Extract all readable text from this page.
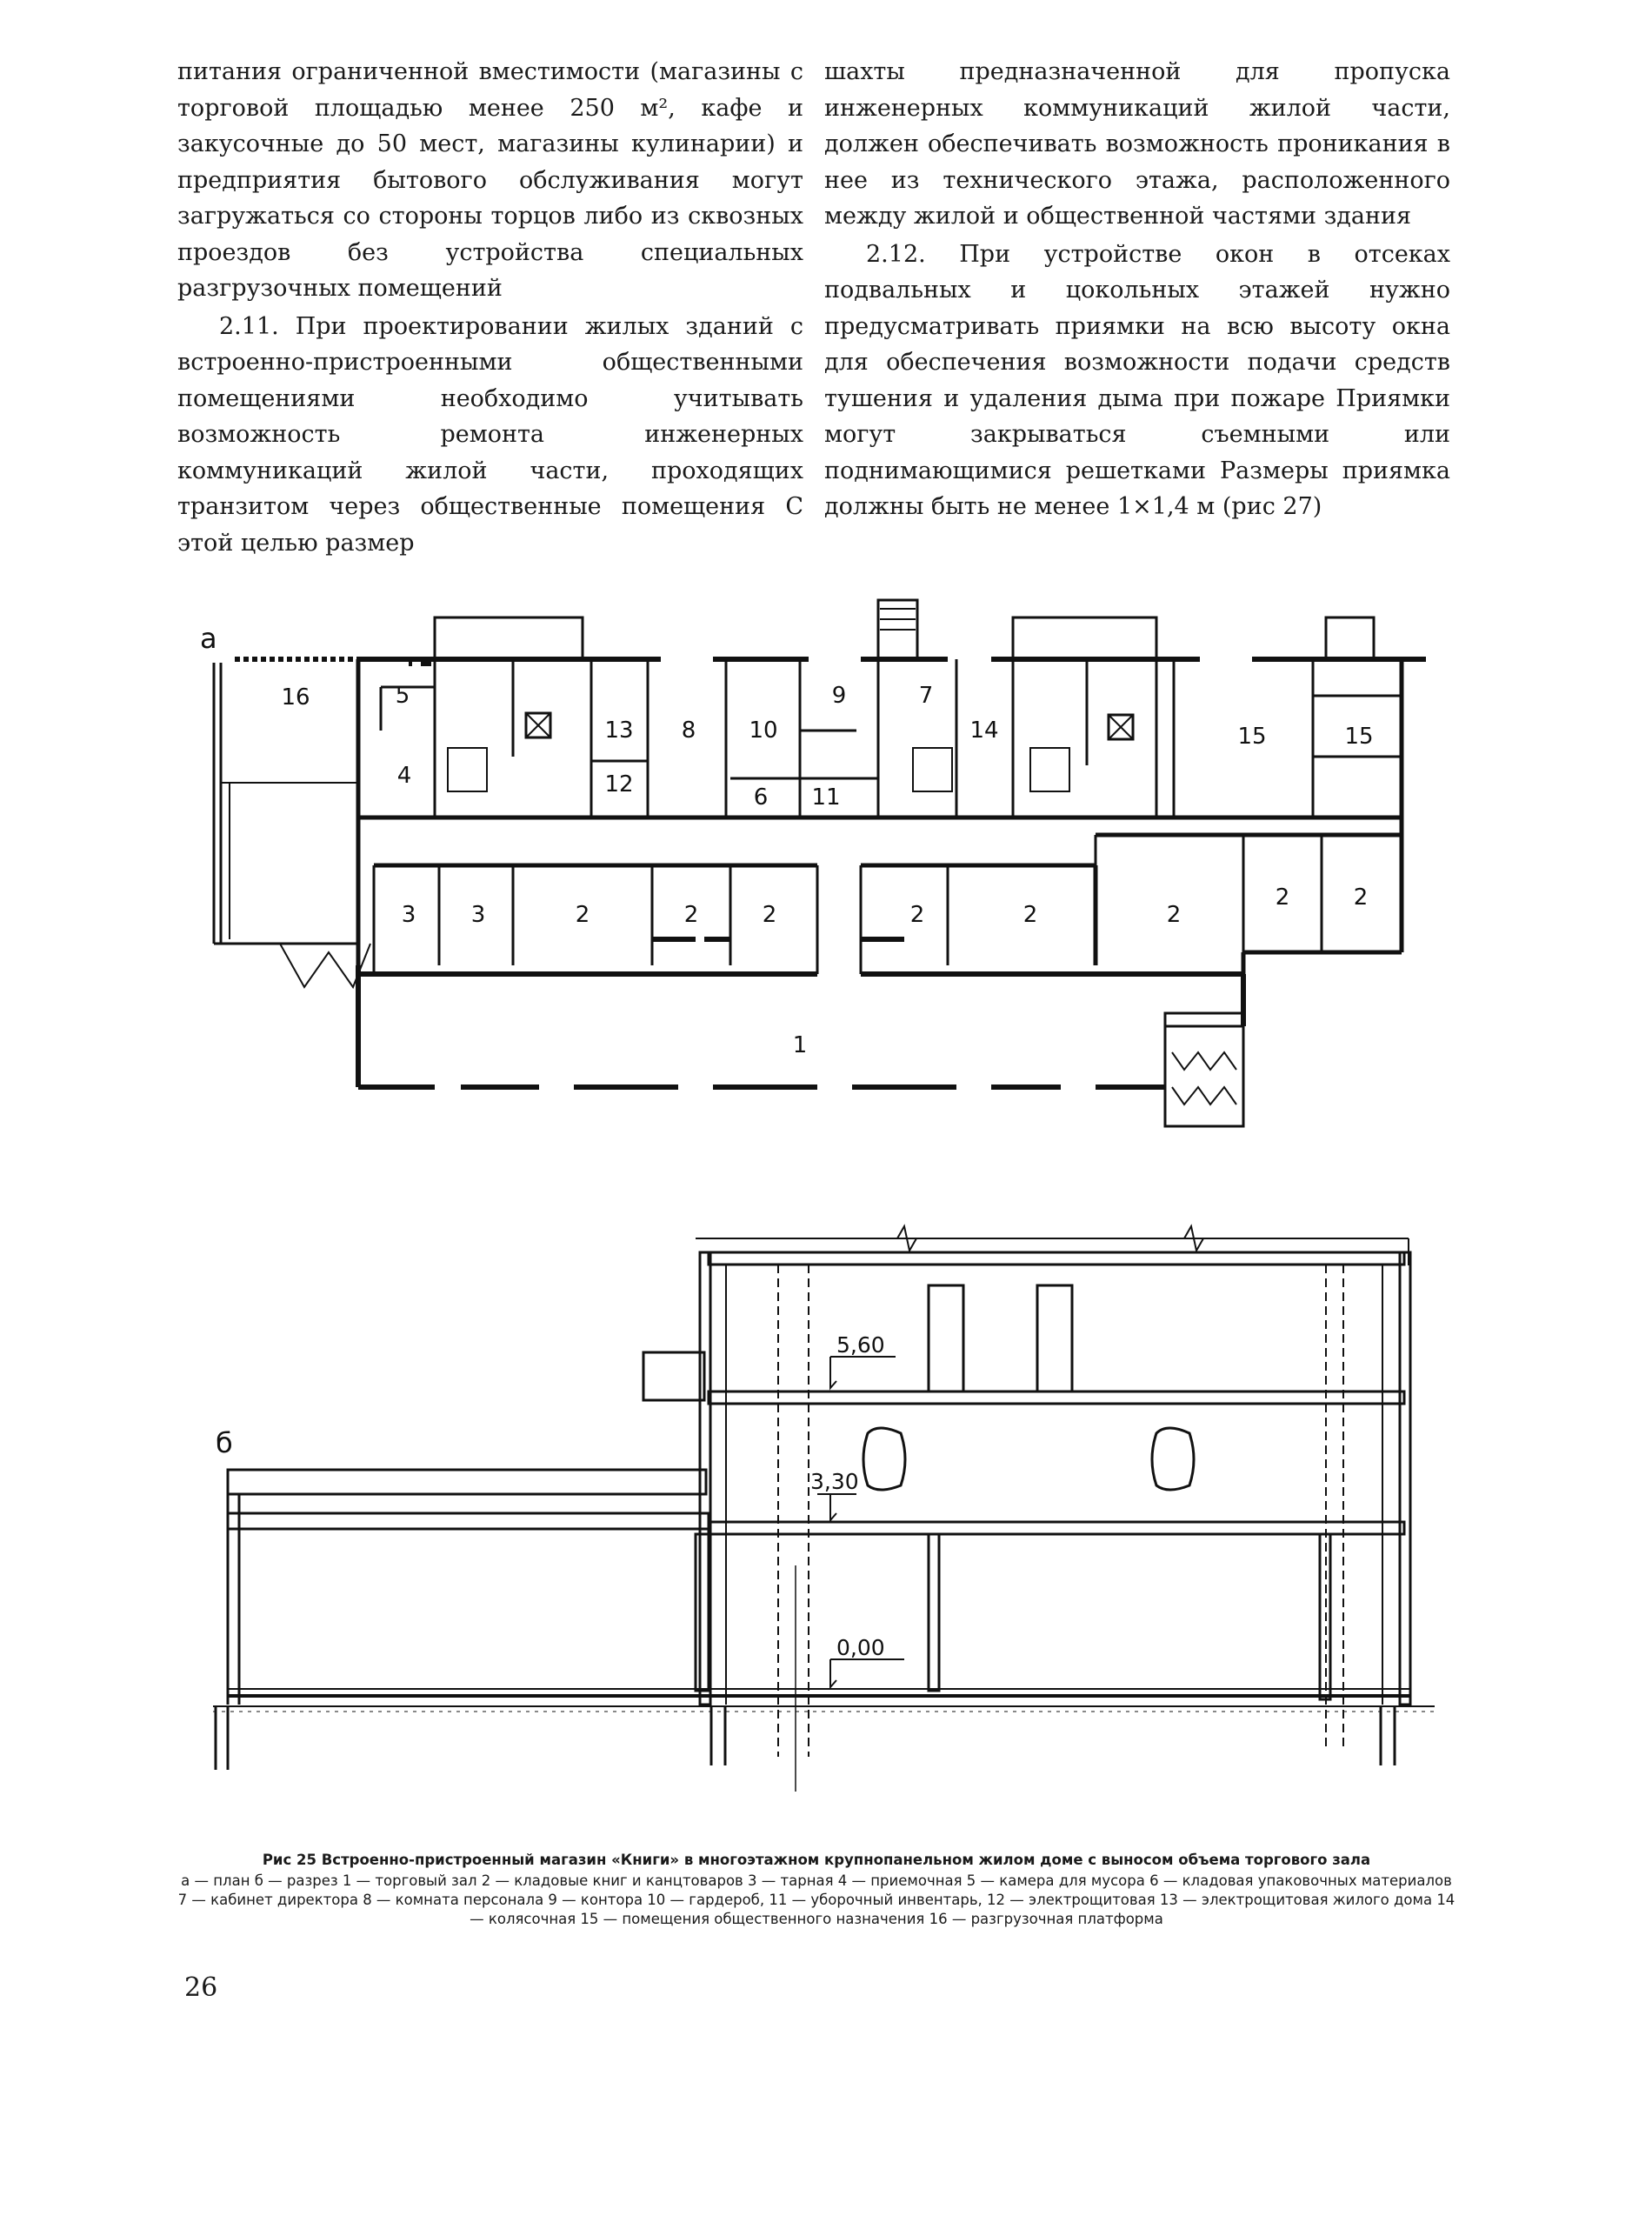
питания ограниченной вместимости (магазины с торговой площадью менее 250 м², кафе и закусочные до 50 мест, магазины кулинарии) и предприятия бытового обслуживания могут загружаться со стороны торцов либо из сквозных проездов без устройства специальных разгрузочных помещений

2.11. При проектировании жилых зданий с встроенно-пристроенными общественными помещениями необходимо учитывать возможность ремонта инженерных коммуникаций жилой части, проходящих транзитом через общественные помещения С этой целью размер

шахты предназначенной для пропуска инженерных коммуникаций жилой части, должен обеспечивать возможность проникания в нее из технического этажа, расположенного между жилой и общественной частями здания

2.12. При устройстве окон в отсеках подвальных и цокольных этажей нужно предусматривать приямки на всю высоту окна для обеспечения возможности подачи средств тушения и удаления дыма при пожаре Приямки могут закрываться съемными или поднимающимися решетками Размеры приямка должны быть не менее 1×1,4 м (рис 27)

а
16	5
4
13
12
8 10
9
6 11
7
14	15	15
3 3	2	2	2	2	2	2
2	2
1
б
5,60
3,30
0,00
Рис 25 Встроенно-пристроенный магазин «Книги» в многоэтажном крупнопанельном жилом доме с выносом объема торгового зала
а — план б — разрез 1 — торговый зал 2 — кладовые книг и канцтоваров 3 — тарная 4 — приемочная 5 — камера для мусора 6 — кладовая упаковочных материалов 7 — кабинет директора 8 — комната персонала 9 — контора 10 — гардероб, 11 — уборочный инвентарь, 12 — электрощитовая 13 — электрощитовая жилого дома 14 — колясочная 15 — помещения общественного назначения 16 — разгрузочная платформа
26
